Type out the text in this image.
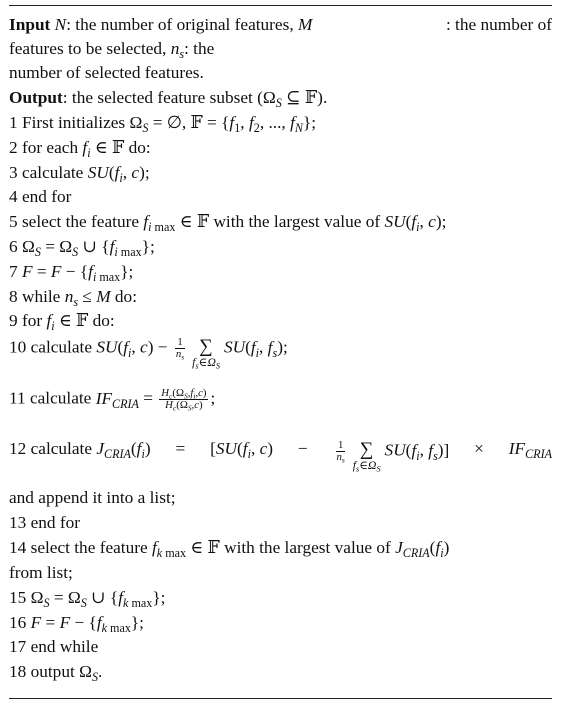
Input N: the number of original features, M	: the number of
features to be selected, $n_s$: the
number of selected features.
Output: the selected feature subset ($\Omega_S$ ⊆ 𝔽).
1 First initializes $\Omega_S$ = ∅, 𝔽 = {$f_1$, $f_2$, ..., $f_N$};
2 for each $f_i$ ∈ 𝔽 do:
3 calculate $SU(f_i$, c);
4 end for
5 select the feature $f_i$ $_{max}$ ∈ 𝔽 with the largest value of $SU(f_i$, c);
6 $\Omega_S = \Omega_S$ ∪ {$f_i$ $_{max}$};
7 $F = F - \{f_i$ $_{max}$};
8 while $n_s \le M$ do:
9 for $f_i$ ∈ 𝔽 do:
10 calculate $SU(f_i$, $c) - \frac{1}{n_s}$ ∑
$f_s\in\Omega_S$
$SU(f_i$, $f_s$);
11 calculate $IF_{CRIA} = \frac{H_c(\Omega_S,f_i,c)}{H_c(\Omega_S,c)}$ ;
12 calculate $J_{CRIA}(f_i) = [SU(f_i$, c) −	$\frac{1}{n_s}$ ∑
$f_s\in\Omega_S$
$SU(f_i$, $f_s)] \times IF_{CRIA}$
and append it into a list;
13 end for
14 select the feature $f_k$ $_{max}$ ∈ 𝔽 with the largest value of $J_{CRIA}(f_i)$
from list;
15 $\Omega_S = \Omega_S$ ∪ {$f_k$ $_{max}$};
16 $F = F - \{f_k$ $_{max}$};
17 end while
18 output $\Omega_S$.
